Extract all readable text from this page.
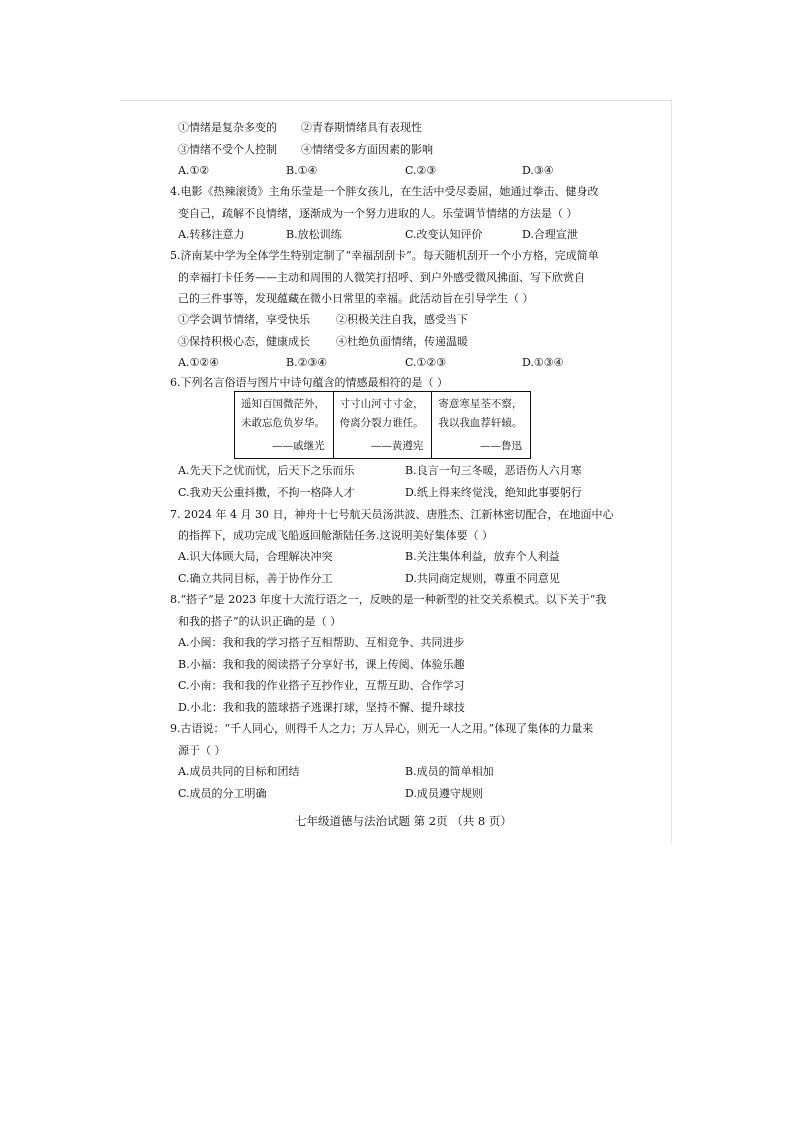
①情绪是复杂多变的 ②青春期情绪具有表现性
③情绪不受个人控制 ④情绪受多方面因素的影响
A.①②	B.①④	C.②③	D.③④
4.电影《热辣滚烫》主角乐莹是一个胖女孩儿，在生活中受尽委屈，她通过拳击、健身改
变自己，疏解不良情绪，逐渐成为一个努力进取的人。乐莹调节情绪的方法是（ ）
A.转移注意力	B.放松训练	C.改变认知评价	D.合理宣泄
5.济南某中学为全体学生特别定制了“幸福刮刮卡”。每天随机刮开一个小方格，完成简单
的幸福打卡任务——主动和周围的人微笑打招呼、到户外感受微风拂面、写下欣赏自
己的三件事等，发现蕴藏在微小日常里的幸福。此活动旨在引导学生（ ）
①学会调节情绪，享受快乐 ②积极关注自我，感受当下
③保持积极心态，健康成长 ④杜绝负面情绪，传递温暖
A.①②④	B.②③④	C.①②③	D.①③④
6.下列名言俗语与图片中诗句蕴含的情感最相符的是（ ）
遥知百国微茫外，
未敢忘危负岁华。
——戚继光
寸寸山河寸寸金，
侉离分裂力谁任。
——黄遵宪
寄意寒星荃不察，
我以我血荐轩辕。
——鲁迅
A.先天下之忧而忧，后天下之乐而乐	B.良言一句三冬暖，恶语伤人六月寒
C.我劝天公重抖擞，不拘一格降人才	D.纸上得来终觉浅，绝知此事要躬行
7. 2024 年 4 月 30 日，神舟十七号航天员汤洪波、唐胜杰、江新林密切配合，在地面中心
的指挥下，成功完成飞船返回舱渐陆任务.这说明美好集体要（ ）
A.识大体顾大局，合理解决冲突	B.关注集体利益，放弃个人利益
C.确立共同目标，善于协作分工	D.共同商定规则，尊重不同意见
8.“搭子”是 2023 年度十大流行语之一，反映的是一种新型的社交关系模式。以下关于“我
和我的搭子”的认识正确的是（ ）
A.小闽：我和我的学习搭子互相帮助、互相竞争、共同进步
B.小福：我和我的阅读搭子分享好书，课上传阅、体验乐趣
C.小南：我和我的作业搭子互抄作业，互帮互助、合作学习
D.小北：我和我的篮球搭子逃课打球，坚持不懈、提升球技
9.古语说：“千人同心，则得千人之力；万人异心，则无一人之用。”体现了集体的力量来
源于（ ）
A.成员共同的目标和团结	B.成员的简单相加
C.成员的分工明确	D.成员遵守规则
七年级道德与法治试题 第 2页 （共 8 页）
